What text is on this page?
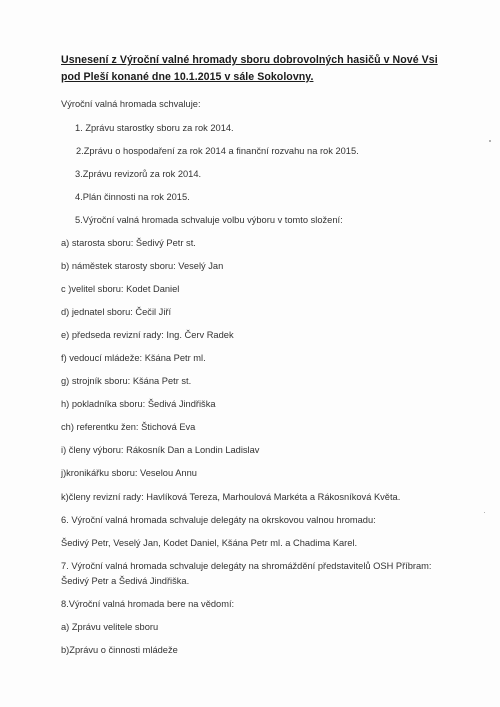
Usnesení z Výroční valné hromady sboru dobrovolných hasičů v Nové Vsi pod Pleší konané dne 10.1.2015 v sále Sokolovny.
Výroční valná hromada schvaluje:
1. Zprávu starostky sboru za rok 2014.
2.Zprávu o hospodaření za rok 2014 a finanční rozvahu na rok 2015.
3.Zprávu revizorů za rok 2014.
4.Plán činnosti na rok 2015.
5.Výroční valná hromada schvaluje volbu výboru v tomto složení:
a) starosta sboru: Šedivý Petr st.
b) náměstek starosty sboru: Veselý Jan
c )velitel sboru: Kodet Daniel
d) jednatel sboru: Čečil Jiří
e) předseda revizní rady: Ing. Červ Radek
f) vedoucí mládeže: Kšána Petr ml.
g) strojník sboru: Kšána Petr st.
h) pokladníka sboru: Šedivá Jindřiška
ch) referentku žen: Štichová Eva
i) členy výboru: Rákosník Dan a Londin Ladislav
j)kronikářku sboru: Veselou Annu
k)členy revizní rady: Havlíková Tereza, Marhoulová Markéta a Rákosníková Květa.
6. Výroční valná hromada schvaluje delegáty na okrskovou valnou hromadu:
Šedivý Petr, Veselý Jan, Kodet Daniel, Kšána Petr ml. a Chadima Karel.
7. Výroční valná hromada schvaluje delegáty na shromáždění představitelů OSH Příbram:
Šedivý Petr a Šedivá Jindřiška.
8.Výroční valná hromada bere na vědomí:
a) Zprávu velitele sboru
b)Zprávu o činnosti mládeže
